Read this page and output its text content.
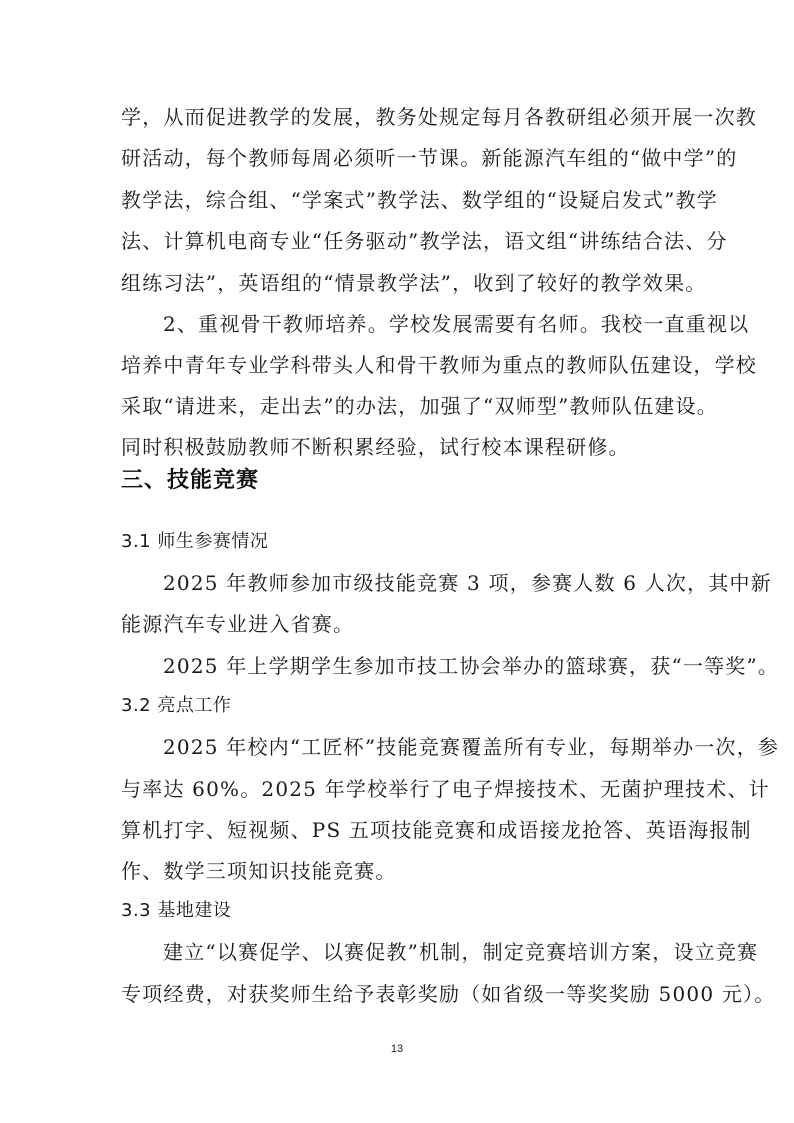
学，从而促进教学的发展，教务处规定每月各教研组必须开展一次教
研活动，每个教师每周必须听一节课。新能源汽车组的“做中学”的
教学法，综合组、“学案式”教学法、数学组的“设疑启发式”教学
法、计算机电商专业“任务驱动”教学法，语文组“讲练结合法、分
组练习法”，英语组的“情景教学法”，收到了较好的教学效果。
2、重视骨干教师培养。学校发展需要有名师。我校一直重视以
培养中青年专业学科带头人和骨干教师为重点的教师队伍建设，学校
采取“请进来，走出去”的办法，加强了“双师型”教师队伍建设。
同时积极鼓励教师不断积累经验，试行校本课程研修。
三、技能竞赛
3.1 师生参赛情况
2025 年教师参加市级技能竞赛 3 项，参赛人数 6 人次，其中新
能源汽车专业进入省赛。
2025 年上学期学生参加市技工协会举办的篮球赛，获“一等奖”。
3.2 亮点工作
2025 年校内“工匠杯”技能竞赛覆盖所有专业，每期举办一次，参
与率达 60%。2025 年学校举行了电子焊接技术、无菌护理技术、计
算机打字、短视频、PS 五项技能竞赛和成语接龙抢答、英语海报制
作、数学三项知识技能竞赛。
3.3 基地建设
建立“以赛促学、以赛促教”机制，制定竞赛培训方案，设立竞赛
专项经费，对获奖师生给予表彰奖励（如省级一等奖奖励 5000 元）。
13
